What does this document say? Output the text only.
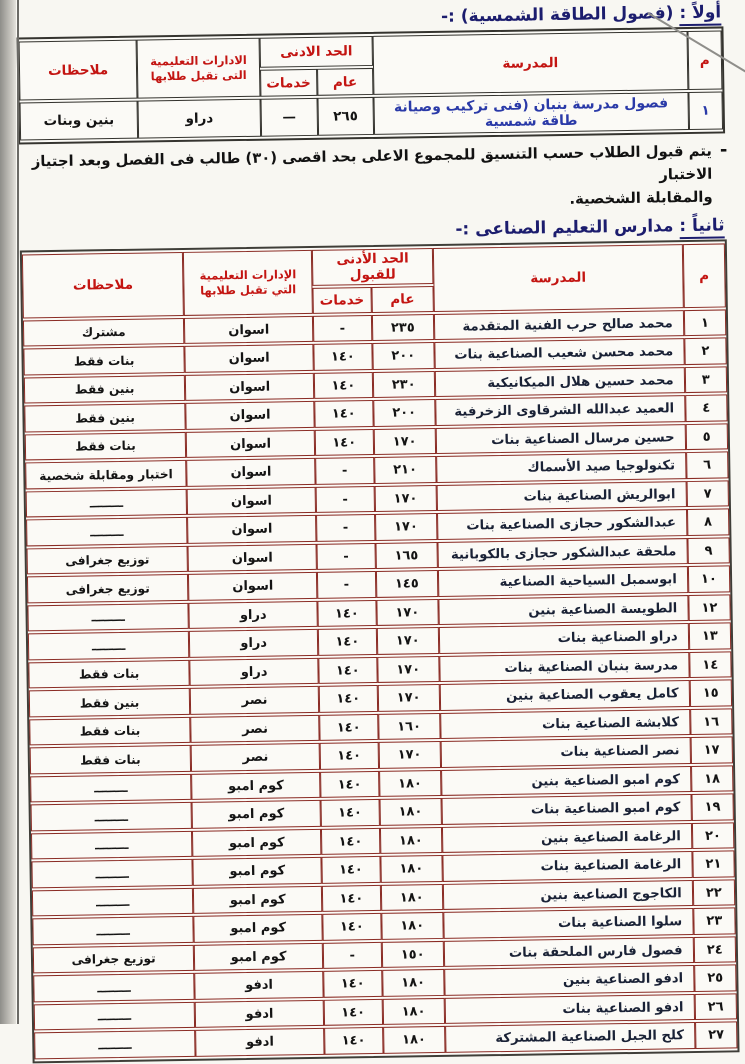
أولاً : (فصول الطاقة الشمسية) :-
م	المدرسة	الحد الادنى		الادارات التعليمية
التى تقبل طلابها	ملاحظات
		عام	خدمات		
١	فصول مدرسة بنبان (فنى تركيب وصيانة طاقة شمسية	٢٦٥	—	دراو	بنين وبنات
-
يتم قبول الطلاب حسب التنسيق للمجموع الاعلى بحد اقصى (٣٠) طالب فى الفصل وبعد اجتياز الاختبار
والمقابلة الشخصية.
ثانياً : مدارس التعليم الصناعى :-
م	المدرسة	الحد الأدنى للقبول		الإدارات التعليمية
التي تقبل طلابها	ملاحظات
		عام	خدمات		
١	محمد صالح حرب الفنية المتقدمة	٢٣٥	-	اسوان	مشترك
٢	محمد محسن شعيب الصناعية بنات	٢٠٠	١٤٠	اسوان	بنات فقط
٣	محمد حسين هلال الميكانيكية	٢٣٠	١٤٠	اسوان	بنين فقط
٤	العميد عبدالله الشرقاوى الزخرفية	٢٠٠	١٤٠	اسوان	بنين فقط
٥	حسين مرسال الصناعية بنات	١٧٠	١٤٠	اسوان	بنات فقط
٦	تكنولوجيا صيد الأسماك	٢١٠	-	اسوان	اختبار ومقابلة شخصية
٧	ابوالريش الصناعية بنات	١٧٠	-	اسوان	ــــــــ
٨	عبدالشكور حجازى الصناعية بنات	١٧٠	-	اسوان	ــــــــ
٩	ملحقة عبدالشكور حجازى بالكوبانية	١٦٥	-	اسوان	توزيع جغرافى
١٠	ابوسمبل السياحية الصناعية	١٤٥	-	اسوان	توزيع جغرافى
١٢	الطويسة الصناعية بنين	١٧٠	١٤٠	دراو	ــــــــ
١٣	دراو الصناعية بنات	١٧٠	١٤٠	دراو	ــــــــ
١٤	مدرسة بنبان الصناعية بنات	١٧٠	١٤٠	دراو	بنات فقط
١٥	كامل يعقوب الصناعية بنين	١٧٠	١٤٠	نصر	بنين فقط
١٦	كلابشة الصناعية بنات	١٦٠	١٤٠	نصر	بنات فقط
١٧	نصر الصناعية بنات	١٧٠	١٤٠	نصر	بنات فقط
١٨	كوم امبو الصناعية بنين	١٨٠	١٤٠	كوم امبو	ــــــــ
١٩	كوم امبو الصناعية بنات	١٨٠	١٤٠	كوم امبو	ــــــــ
٢٠	الرغامة الصناعية بنين	١٨٠	١٤٠	كوم امبو	ــــــــ
٢١	الرغامة الصناعية بنات	١٨٠	١٤٠	كوم امبو	ــــــــ
٢٢	الكاجوج الصناعية بنين	١٨٠	١٤٠	كوم امبو	ــــــــ
٢٣	سلوا الصناعية بنات	١٨٠	١٤٠	كوم امبو	ــــــــ
٢٤	فصول فارس الملحقة بنات	١٥٠	-	كوم امبو	توزيع جغرافى
٢٥	ادفو الصناعية بنين	١٨٠	١٤٠	ادفو	ــــــــ
٢٦	ادفو الصناعية بنات	١٨٠	١٤٠	ادفو	ــــــــ
٢٧	كلح الجبل الصناعية المشتركة	١٨٠	١٤٠	ادفو	ــــــــ
